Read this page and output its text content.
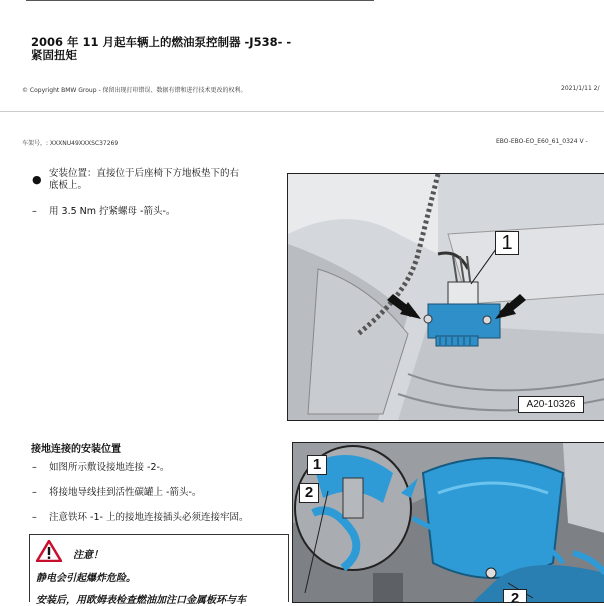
2006 年 11 月起车辆上的燃油泵控制器 -J538- -
紧固扭矩
© Copyright BMW Group - 保留出现打印错误、数据有错和进行技术更改的权利。	2021/1/11 2/
车架号，: XXXNU49XXXSC37269	EBO-EBO-EO_E60_61_0324 V -
● 安装位置：直接位于后座椅下方地板垫下的右
底板上。
– 用 3.5 Nm 拧紧螺母 -箭头-。
1
A20-10326
接地连接的安装位置
– 如图所示敷设接地连接 -2-。
– 将接地导线挂到活性碳罐上 -箭头-。
– 注意铁环 -1- 上的接地连接插头必须连接牢固。
注意！
静电会引起爆炸危险。
安装后，用欧姆表检查燃油加注口金属板环与车
1
2
2
